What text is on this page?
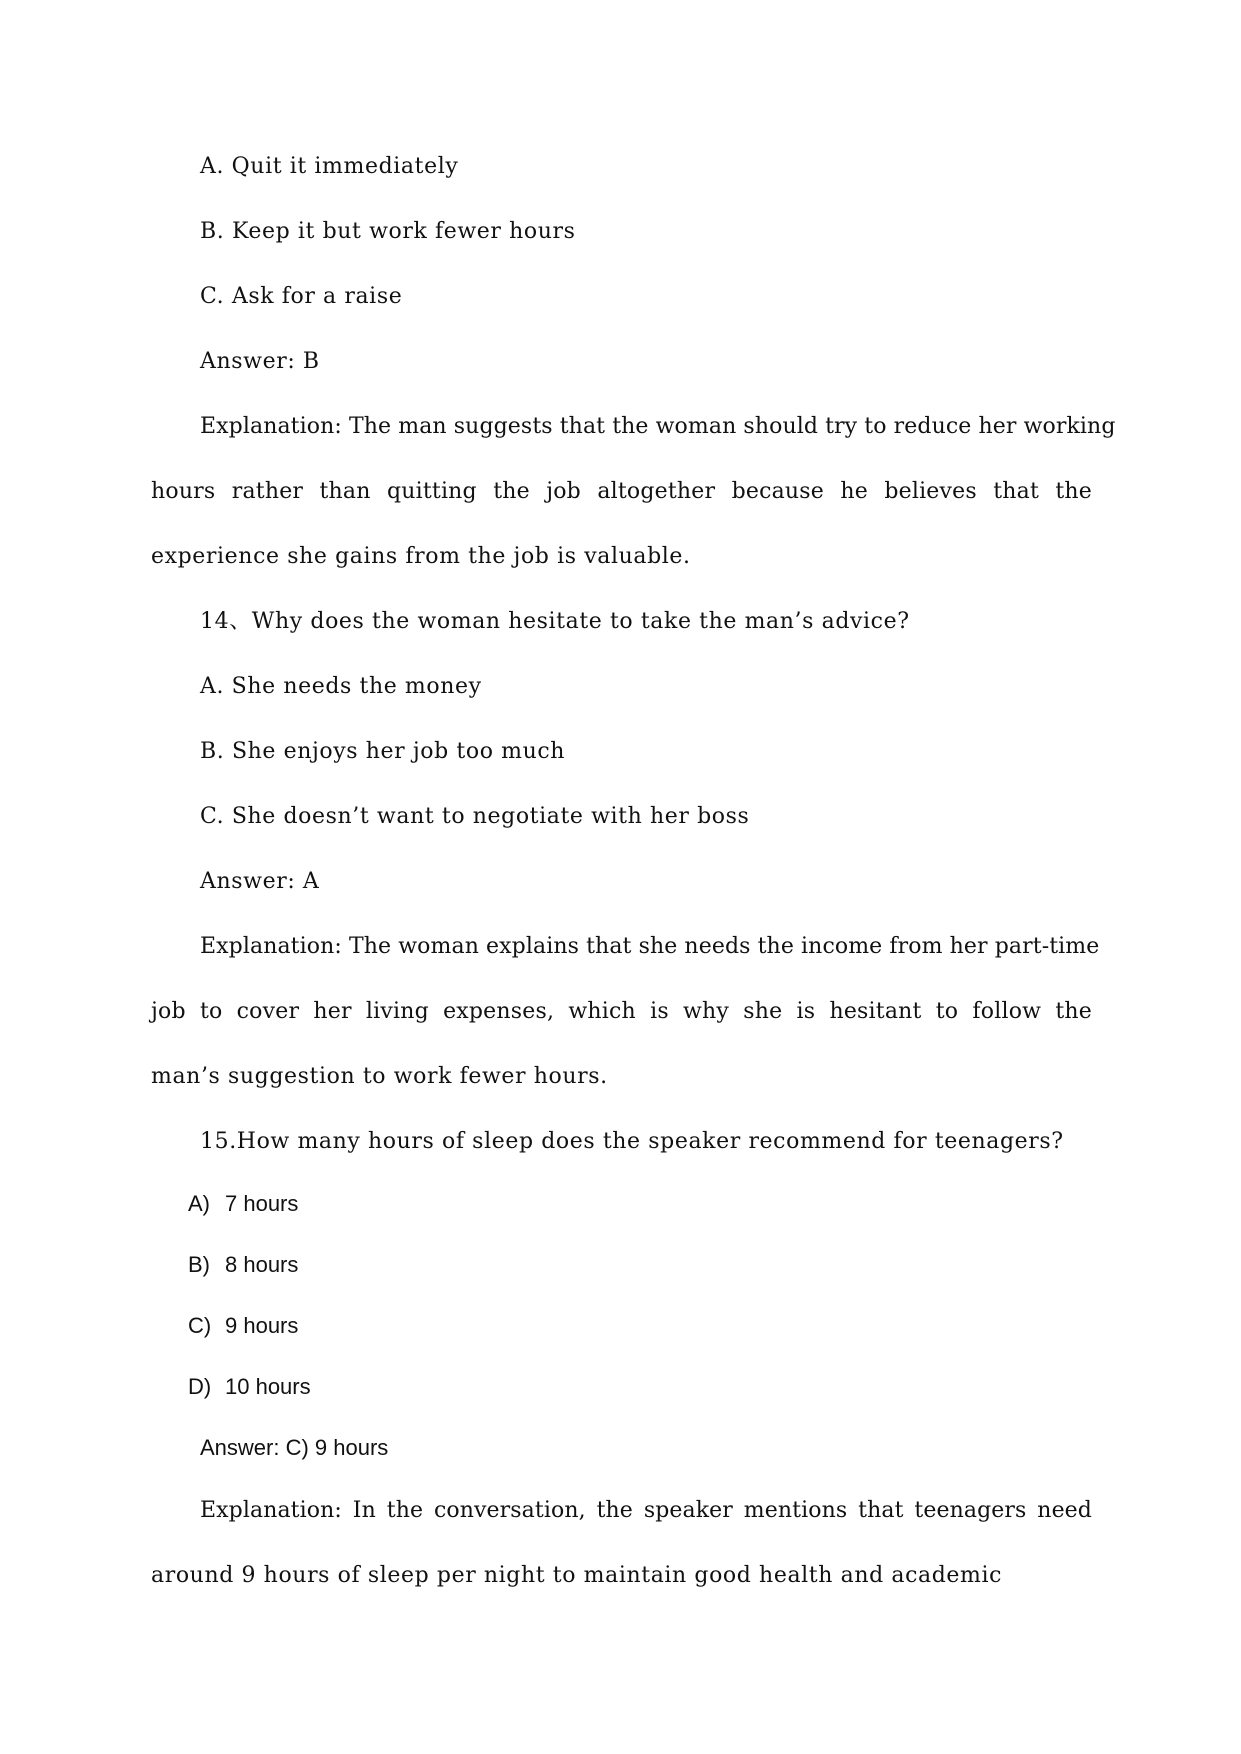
A. Quit it immediately

B. Keep it but work fewer hours

C. Ask for a raise

Answer: B

Explanation: The man suggests that the woman should try to reduce her working

hours rather than quitting the job altogether because he believes that the

experience she gains from the job is valuable.

14、Why does the woman hesitate to take the man’s advice?

A. She needs the money

B. She enjoys her job too much

C. She doesn’t want to negotiate with her boss

Answer: A

Explanation: The woman explains that she needs the income from her part-time

job to cover her living expenses, which is why she is hesitant to follow the

man’s suggestion to work fewer hours.

15.How many hours of sleep does the speaker recommend for teenagers?

A) 7 hours

B) 8 hours

C) 9 hours

D) 10 hours

Answer: C) 9 hours

Explanation: In the conversation, the speaker mentions that teenagers need

around 9 hours of sleep per night to maintain good health and academic
